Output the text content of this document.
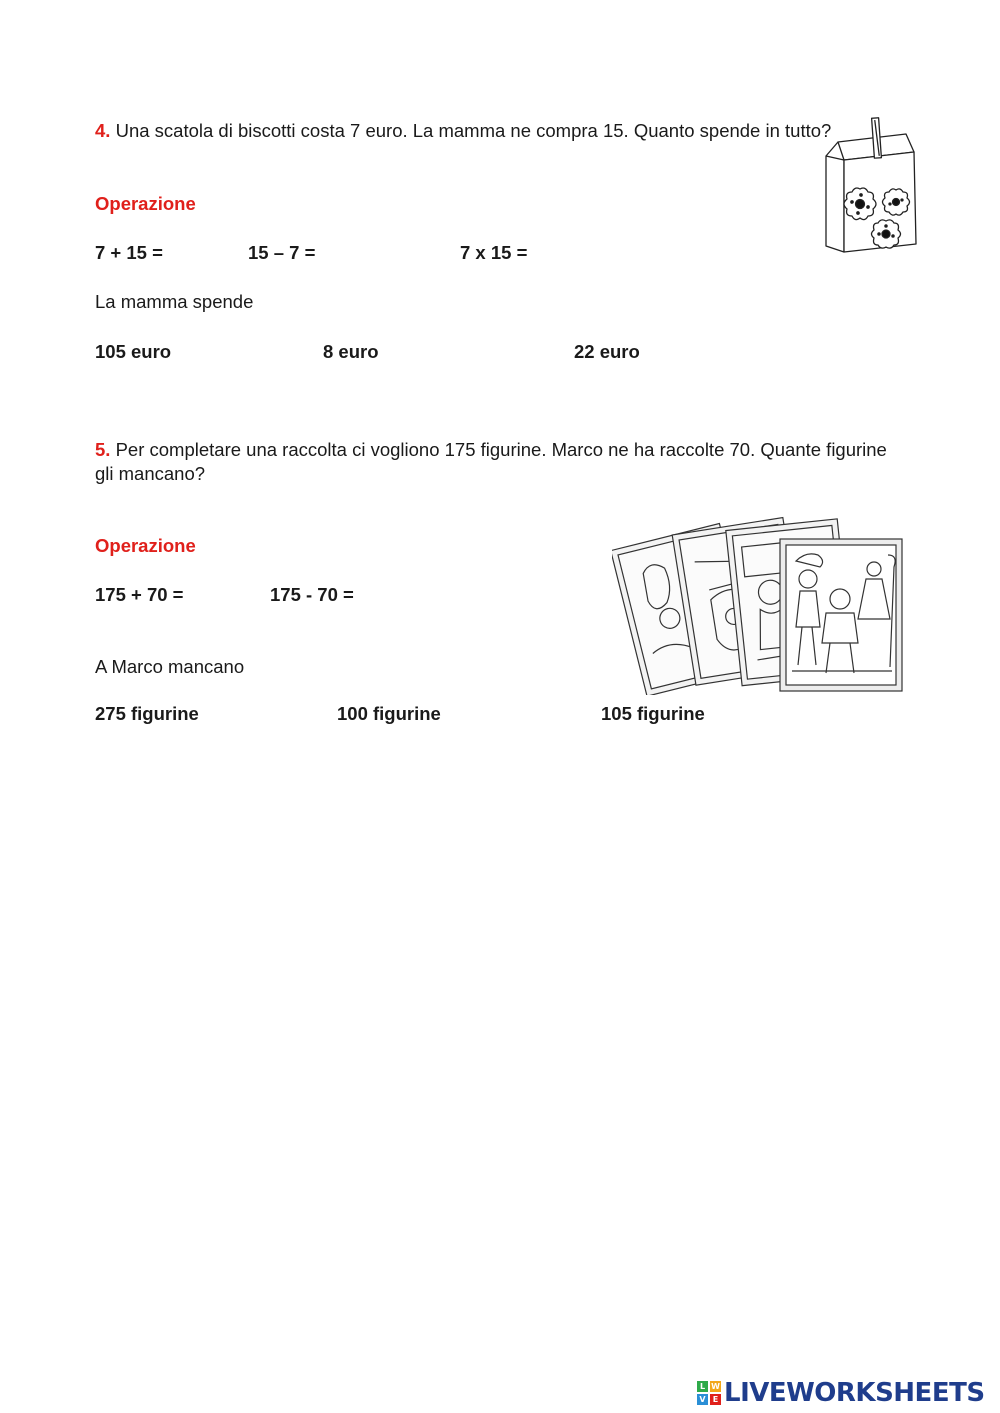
4. Una scatola di biscotti costa 7 euro. La mamma ne compra 15. Quanto spende in tutto?
Operazione
7 + 15 =	15 – 7 =	7 x 15 =
La mamma spende
105 euro	8 euro	22 euro
5. Per completare una raccolta ci vogliono 175 figurine. Marco ne ha raccolte 70. Quante figurine gli mancano?
Operazione
175 + 70 =	175 - 70 =
A Marco mancano
275 figurine	100 figurine	105 figurine
L W
V E LIVEWORKSHEETS
